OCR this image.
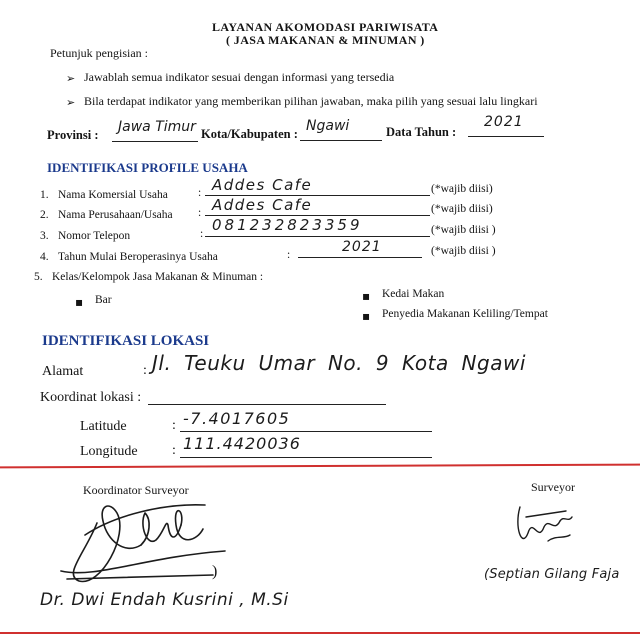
LAYANAN AKOMODASI PARIWISATA
( JASA MAKANAN & MINUMAN )
Petunjuk pengisian :
➢
Jawablah semua indikator sesuai dengan informasi yang tersedia
➢
Bila terdapat indikator yang memberikan pilihan jawaban, maka pilih yang sesuai lalu lingkari
Provinsi : Jawa Timur Kota/Kabupaten : Ngawi	Data Tahun :
2021
IDENTIFIKASI PROFILE USAHA
1. Nama Komersial Usaha	: Addes Cafe	(*wajib diisi)
2. Nama Perusahaan/Usaha : Addes Cafe	(*wajib diisi)
3. Nomor Telepon	: 081232823359	(*wajib diisi )
4. Tahun Mulai Beroperasinya Usaha	:	2021	(*wajib diisi )
5. Kelas/Kelompok Jasa Makanan & Minuman :
▪
Bar
▪	Kedai Makan
▪
Penyedia Makanan Keliling/Tempat
IDENTIFIKASI LOKASI
Alamat	: Jl. Teuku Umar No. 9 Kota Ngawi
Koordinat lokasi :
Latitude	: -7.4017605
Longitude : 111.4420036
Koordinator Surveyor	Surveyor
)
Dr. Dwi Endah Kusrini , M.Si
(Septian Gilang Faja
